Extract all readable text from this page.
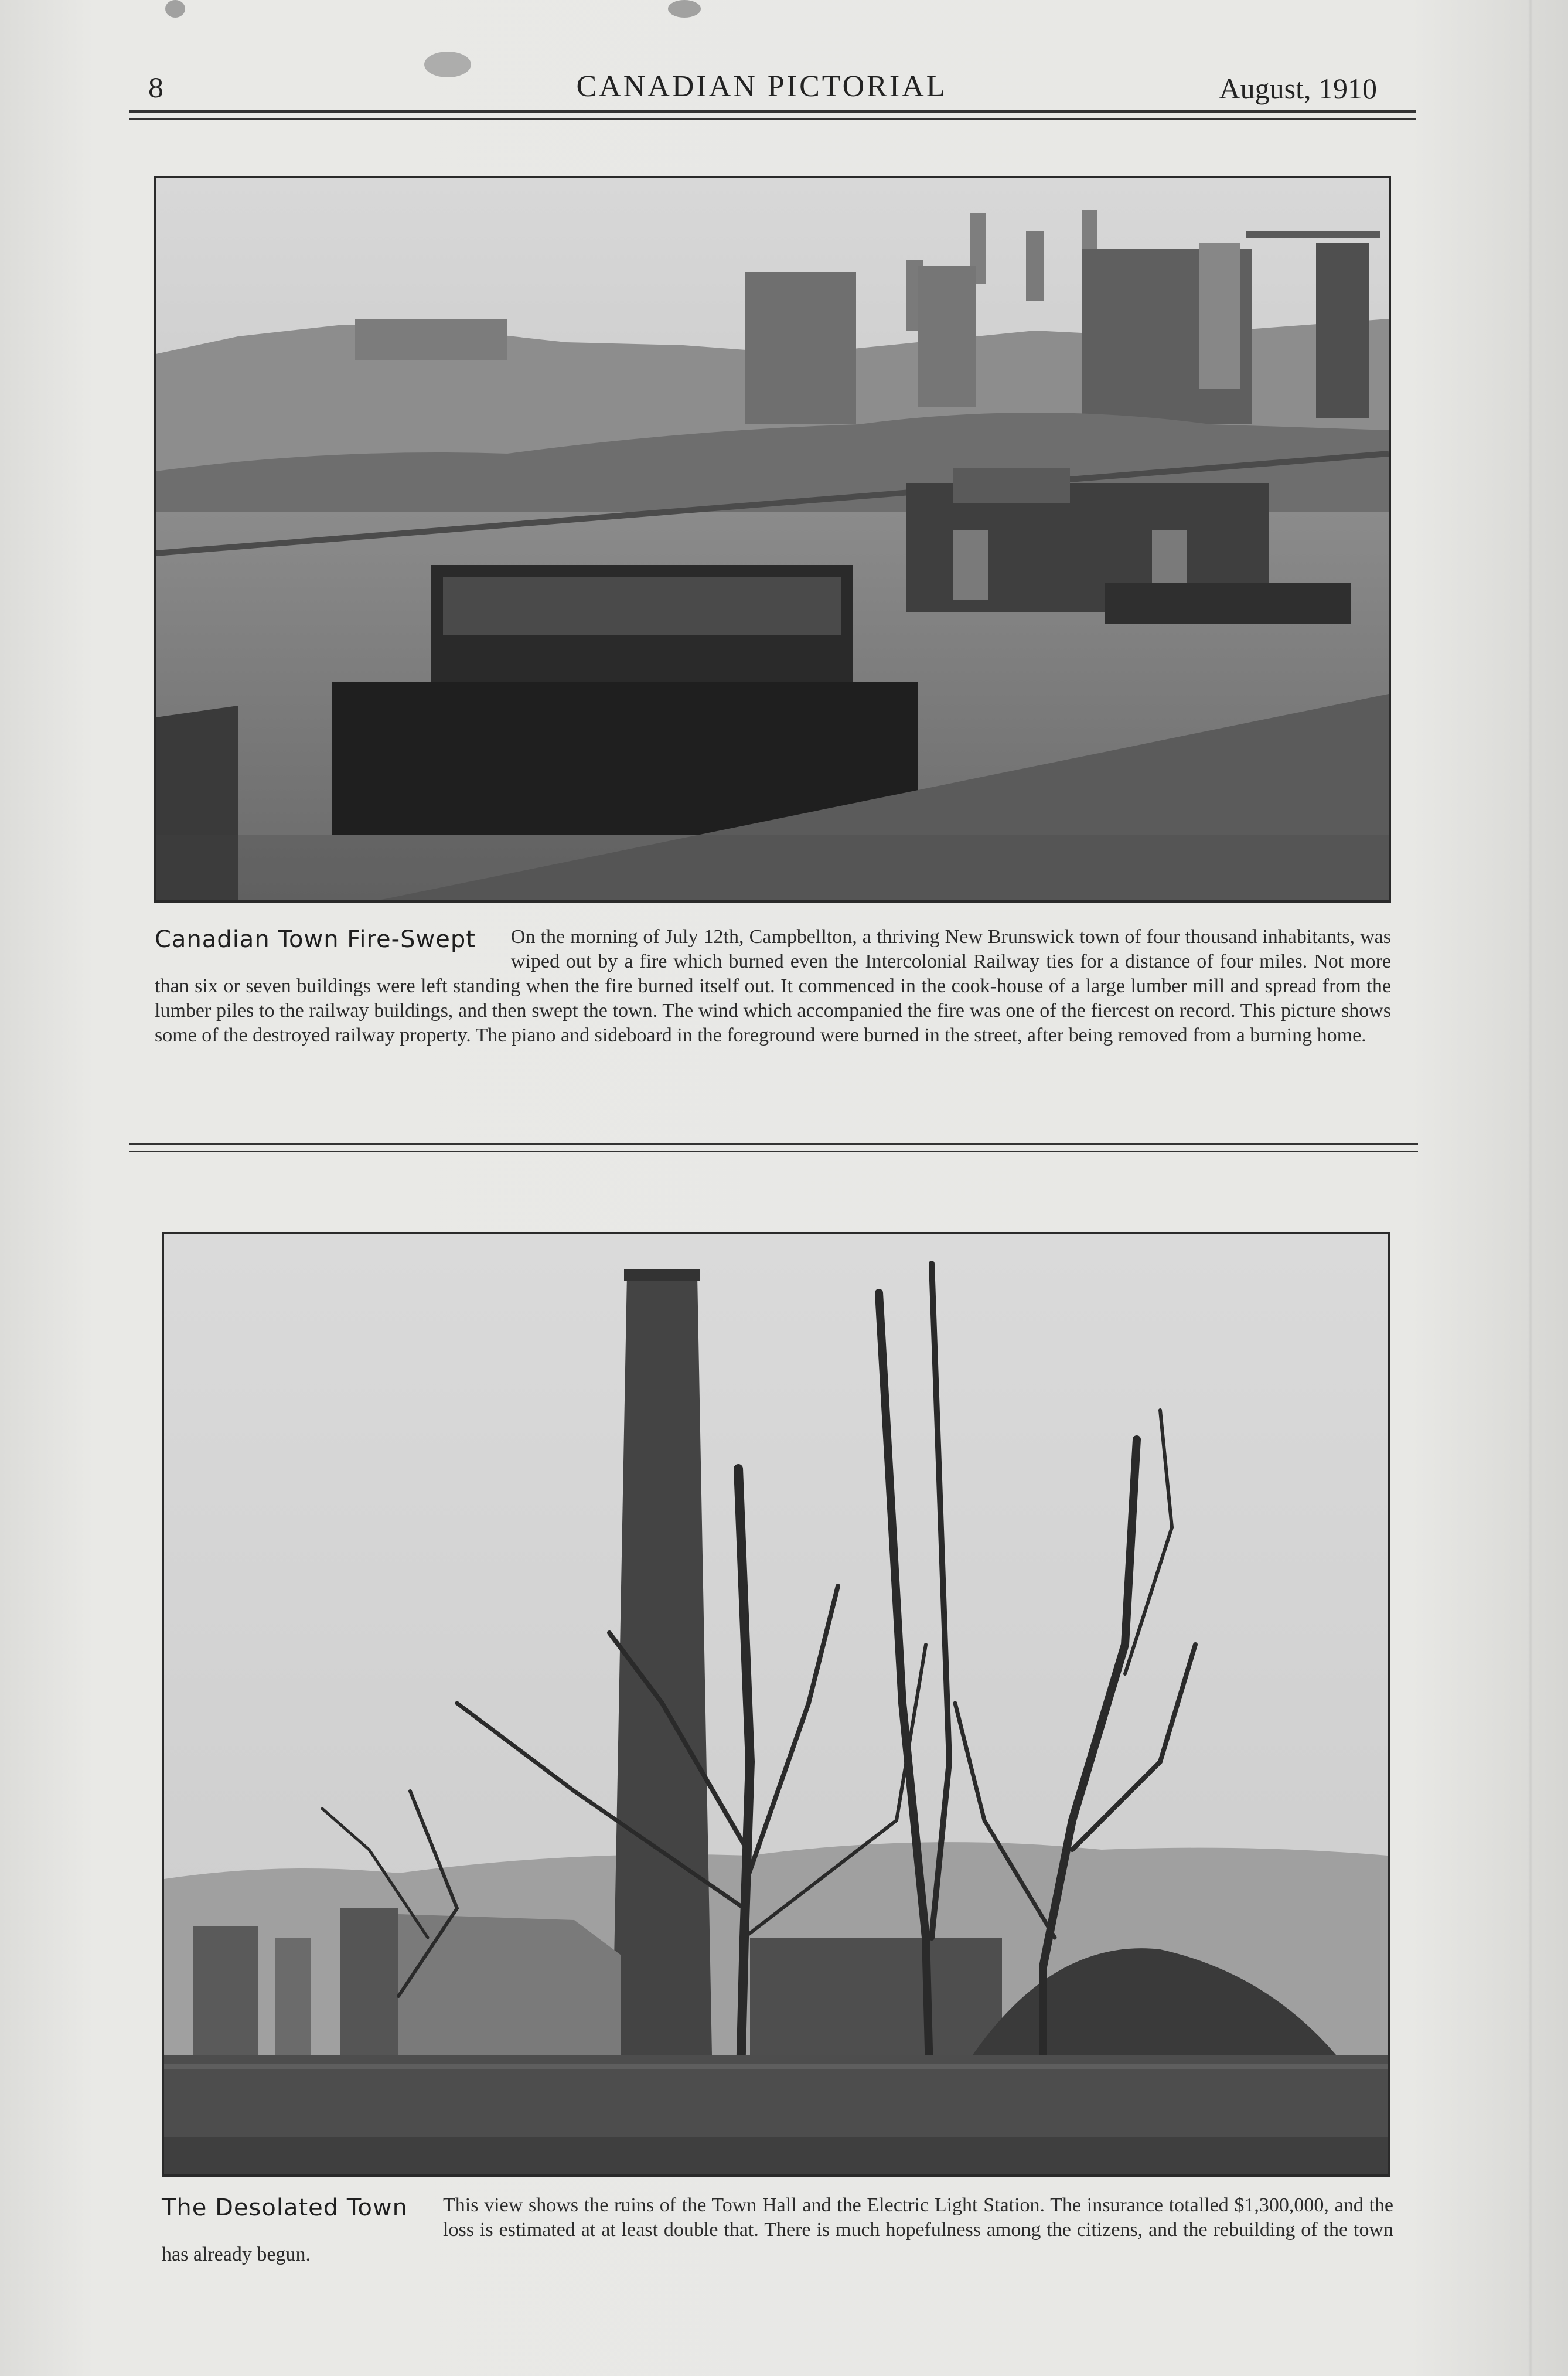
8	CANADIAN PICTORIAL	August, 1910
Canadian Town Fire-Swept On the morning of July 12th, Campbellton, a thriving New Brunswick town of four thousand inhabitants, was wiped out by a fire which burned even the Intercolonial Railway ties for a distance of four miles. Not more than six or seven buildings were left standing when the fire burned itself out. It commenced in the cook-house of a large lumber mill and spread from the lumber piles to the railway buildings, and then swept the town. The wind which accompanied the fire was one of the fiercest on record. This picture shows some of the destroyed railway property. The piano and sideboard in the foreground were burned in the street, after being removed from a burning home.
The Desolated Town This view shows the ruins of the Town Hall and the Electric Light Station. The insurance totalled $1,300,000, and the loss is estimated at at least double that. There is much hopefulness among the citizens, and the rebuilding of the town has already begun.
